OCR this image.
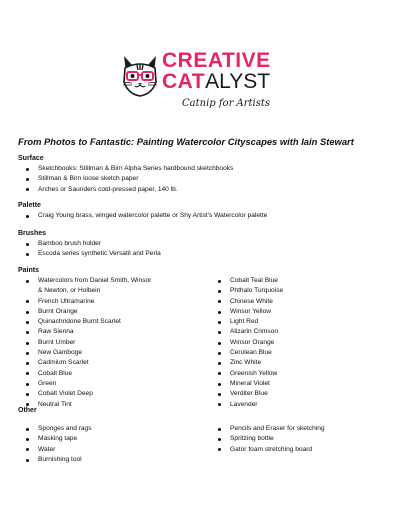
CREATIVE
CATALYST
Catnip for Artists
From Photos to Fantastic: Painting Watercolor Cityscapes with Iain Stewart
Surface
Sketchbooks: Stillman & Birn Alpha Series hardbound sketchbooks
Stillman & Birn loose sketch paper
Arches or Saunders cold-pressed paper, 140 lb.
Palette
Craig Young brass, winged watercolor palette or Shy Artist's Watercolor palette
Brushes
Bamboo brush holder
Escoda series synthetic Versatil and Perla
Paints
Watercolors from Daniel Smith, Winsor
& Newton, or Holbein
French Ultramarine
Burnt Orange
Quinachridone Burnt Scarlet
Raw Sienna
Burnt Umber
New Gamboge
Cadmium Scarlet
Cobalt Blue
Green
Cobalt Violet Deep
Neutral Tint
Cobalt Teal Blue
Phthalo Turquoise
Chinese White
Winsor Yellow
Light Red
Alizarin Crimson
Winsor Orange
Cerulean Blue
Zinc White
Greenish Yellow
Mineral Violet
Verditer Blue
Lavender
Other
Sponges and rags
Masking tape
Water
Burnishing tool
Pencils and Eraser for sketching
Spritzing bottle
Gator foam stretching board
